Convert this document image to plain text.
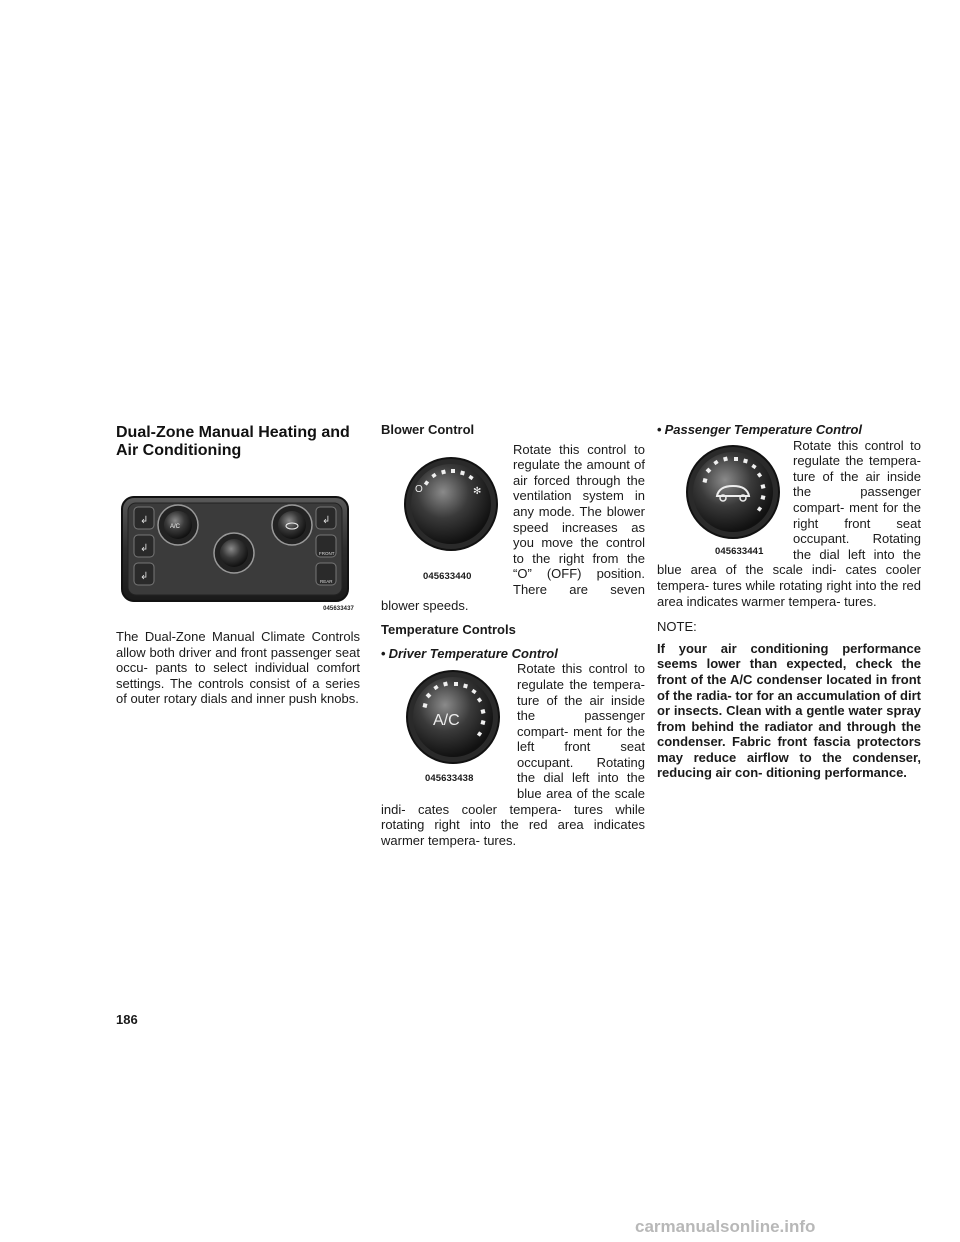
Dual-Zone Manual Heating and Air Conditioning
↲
↲
↲
↲
FRONT
REAR
A/C
045633437

The Dual-Zone Manual Climate Controls allow both driver and front passenger seat occu- pants to select individual comfort settings. The controls consist of a series of outer rotary dials and inner push knobs.

Blower Control

O	✻
045633440

Rotate this control to regulate the amount of air forced through the ventilation system in any mode. The blower speed increases as you move the control to the right from the “O” (OFF) position. There are seven blower speeds.

Temperature Controls

• Driver Temperature Control

A/C
045633438

Rotate this control to regulate the tempera- ture of the air inside the passenger compart- ment for the left front seat occupant. Rotating the dial left into the blue area of the scale indi- cates cooler tempera- tures while rotating right into the red area indicates warmer tempera- tures.

• Passenger Temperature Control

045633441

Rotate this control to regulate the tempera- ture of the air inside the passenger compart- ment for the right front seat occupant. Rotating the dial left into the blue area of the scale indi- cates cooler tempera- tures while rotating right into the red area indicates warmer tempera- tures.

NOTE:

If your air conditioning performance seems lower than expected, check the front of the A/C condenser located in front of the radia- tor for an accumulation of dirt or insects. Clean with a gentle water spray from behind the radiator and through the condenser. Fabric front fascia protectors may reduce airflow to the condenser, reducing air con- ditioning performance.

186
carmanualsonline.info
